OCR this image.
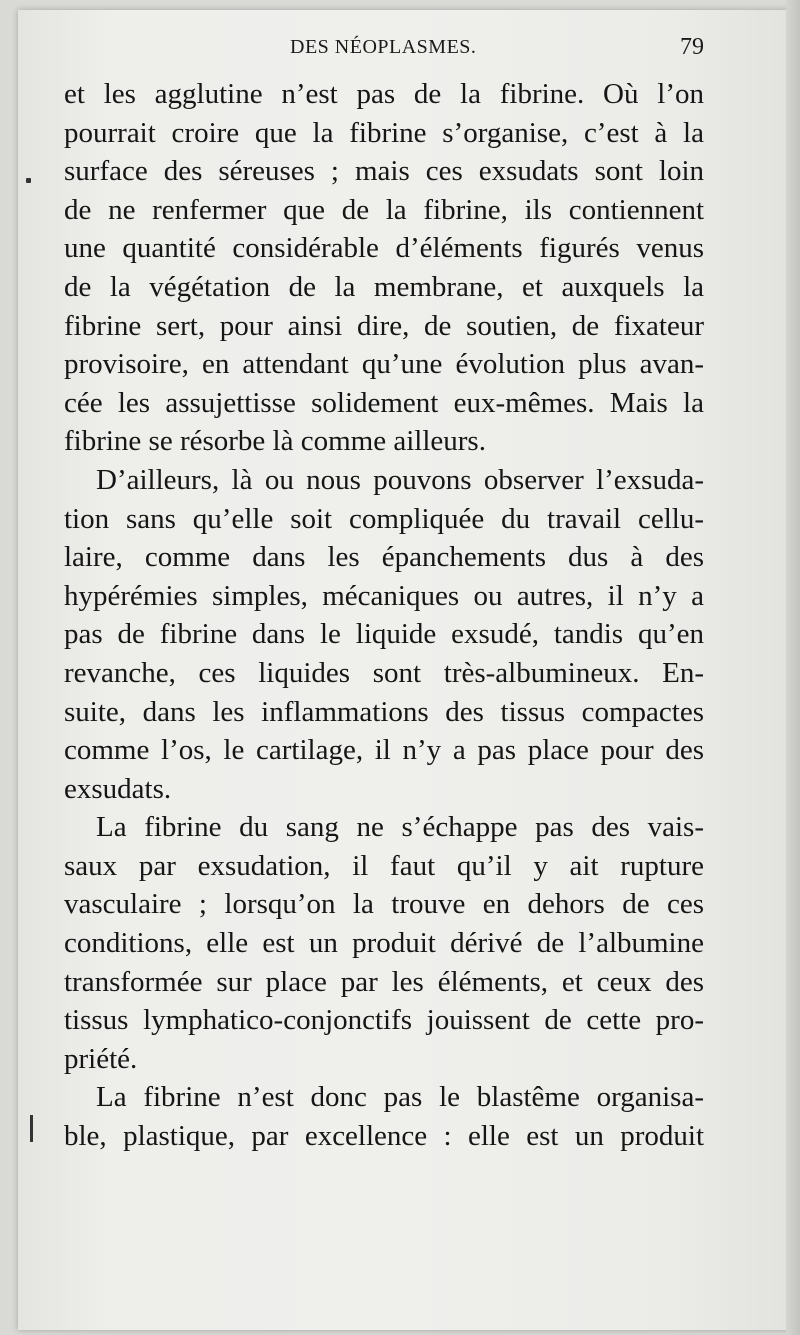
DES NÉOPLASMES.	79
et les agglutine n’est pas de la fibrine. Où l’on
pourrait croire que la fibrine s’organise, c’est à la
surface des séreuses ; mais ces exsudats sont loin
de ne renfermer que de la fibrine, ils contiennent
une quantité considérable d’éléments figurés venus
de la végétation de la membrane, et auxquels la
fibrine sert, pour ainsi dire, de soutien, de fixateur
provisoire, en attendant qu’une évolution plus avan-
cée les assujettisse solidement eux-mêmes. Mais la
fibrine se résorbe là comme ailleurs.
D’ailleurs, là ou nous pouvons observer l’exsuda-
tion sans qu’elle soit compliquée du travail cellu-
laire, comme dans les épanchements dus à des
hypérémies simples, mécaniques ou autres, il n’y a
pas de fibrine dans le liquide exsudé, tandis qu’en
revanche, ces liquides sont très-albumineux. En-
suite, dans les inflammations des tissus compactes
comme l’os, le cartilage, il n’y a pas place pour des
exsudats.
La fibrine du sang ne s’échappe pas des vais-
saux par exsudation, il faut qu’il y ait rupture
vasculaire ; lorsqu’on la trouve en dehors de ces
conditions, elle est un produit dérivé de l’albumine
transformée sur place par les éléments, et ceux des
tissus lymphatico-conjonctifs jouissent de cette pro-
priété.
La fibrine n’est donc pas le blastême organisa-
ble, plastique, par excellence : elle est un produit
